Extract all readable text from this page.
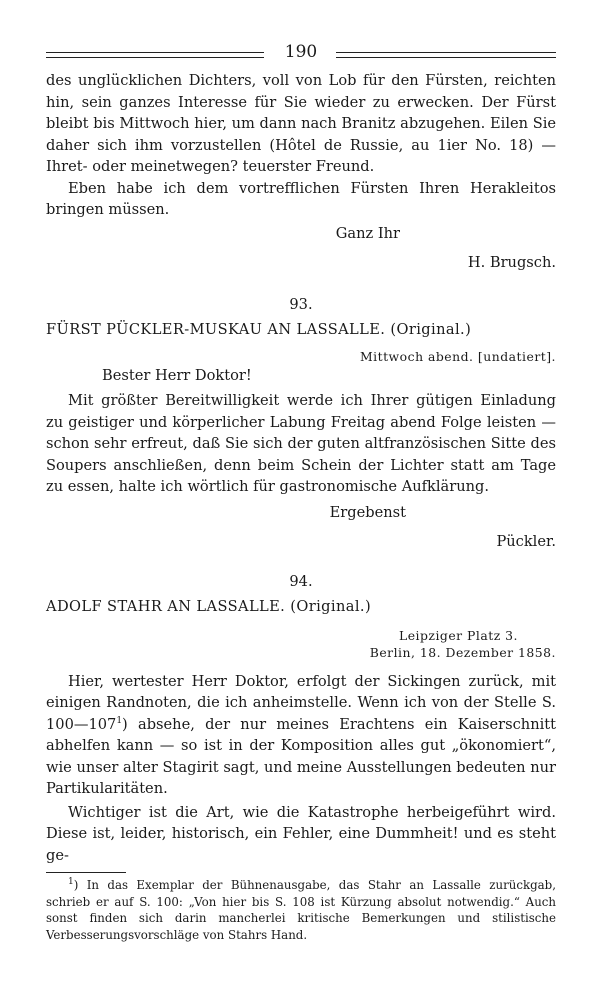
190

des unglücklichen Dichters, voll von Lob für den Fürsten, reichten hin, sein ganzes Interesse für Sie wieder zu erwecken. Der Fürst bleibt bis Mittwoch hier, um dann nach Branitz abzugehen. Eilen Sie daher sich ihm vorzustellen (Hôtel de Russie, au 1ier No. 18) — Ihret- oder meinetwegen? teuerster Freund.

Eben habe ich dem vortrefflichen Fürsten Ihren Herakleitos bringen müssen.

Ganz Ihr
H. Brugsch.
93.
FÜRST PÜCKLER-MUSKAU AN LASSALLE. (Original.)
Mittwoch abend. [undatiert].
Bester Herr Doktor!

Mit größter Bereitwilligkeit werde ich Ihrer gütigen Einladung zu geistiger und körperlicher Labung Freitag abend Folge leisten — schon sehr erfreut, daß Sie sich der guten altfranzösischen Sitte des Soupers anschließen, denn beim Schein der Lichter statt am Tage zu essen, halte ich wörtlich für gastronomische Aufklärung.

Ergebenst
Pückler.
94.
ADOLF STAHR AN LASSALLE. (Original.)
Leipziger Platz 3.
Berlin, 18. Dezember 1858.

Hier, wertester Herr Doktor, erfolgt der Sickingen zurück, mit einigen Randnoten, die ich anheimstelle. Wenn ich von der Stelle S. $100—107^1$) absehe, der nur meines Erachtens ein Kaiserschnitt abhelfen kann — so ist in der Komposition alles gut „ökonomiert“, wie unser alter Stagirit sagt, und meine Ausstellungen bedeuten nur Partikularitäten.

Wichtiger ist die Art, wie die Katastrophe herbeigeführt wird. Diese ist, leider, historisch, ein Fehler, eine Dummheit! und es steht ge-

$^1$) In das Exemplar der Bühnenausgabe, das Stahr an Lassalle zurückgab, schrieb er auf S. 100: „Von hier bis S. 108 ist Kürzung absolut notwendig.“ Auch sonst finden sich darin mancherlei kritische Bemerkungen und stilistische Verbesserungsvorschläge von Stahrs Hand.
